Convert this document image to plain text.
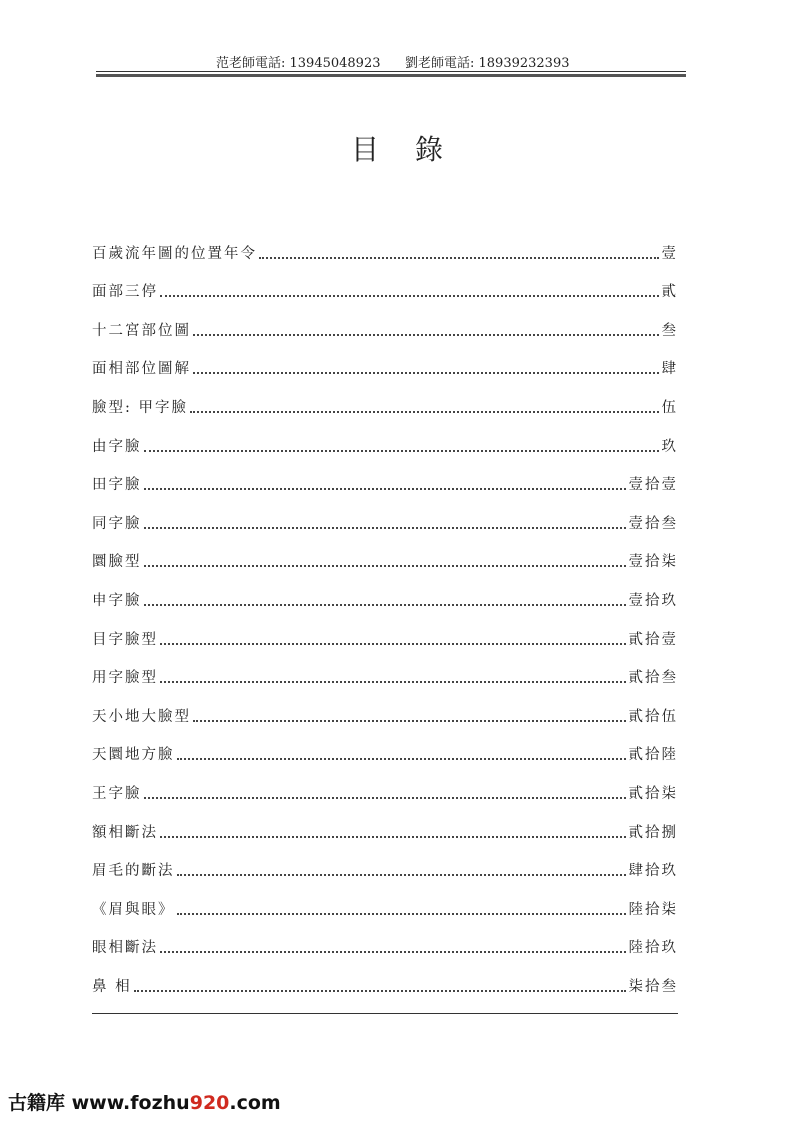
范老師電話: 13945048923 劉老師電話: 18939232393
目錄
百歲流年圖的位置年令	壹
面部三停	貳
十二宮部位圖	叁
面相部位圖解	肆
臉型: 甲字臉	伍
由字臉	玖
田字臉	壹拾壹
同字臉	壹拾叁
圜臉型	壹拾柒
申字臉	壹拾玖
目字臉型	貳拾壹
用字臉型	貳拾叁
天小地大臉型	貳拾伍
天圜地方臉	貳拾陸
王字臉	貳拾柒
額相斷法	貳拾捌
眉毛的斷法	肆拾玖
《眉與眼》	陸拾柒
眼相斷法	陸拾玖
鼻 相	柒拾叁
古籍库 www.fozhu920.com
